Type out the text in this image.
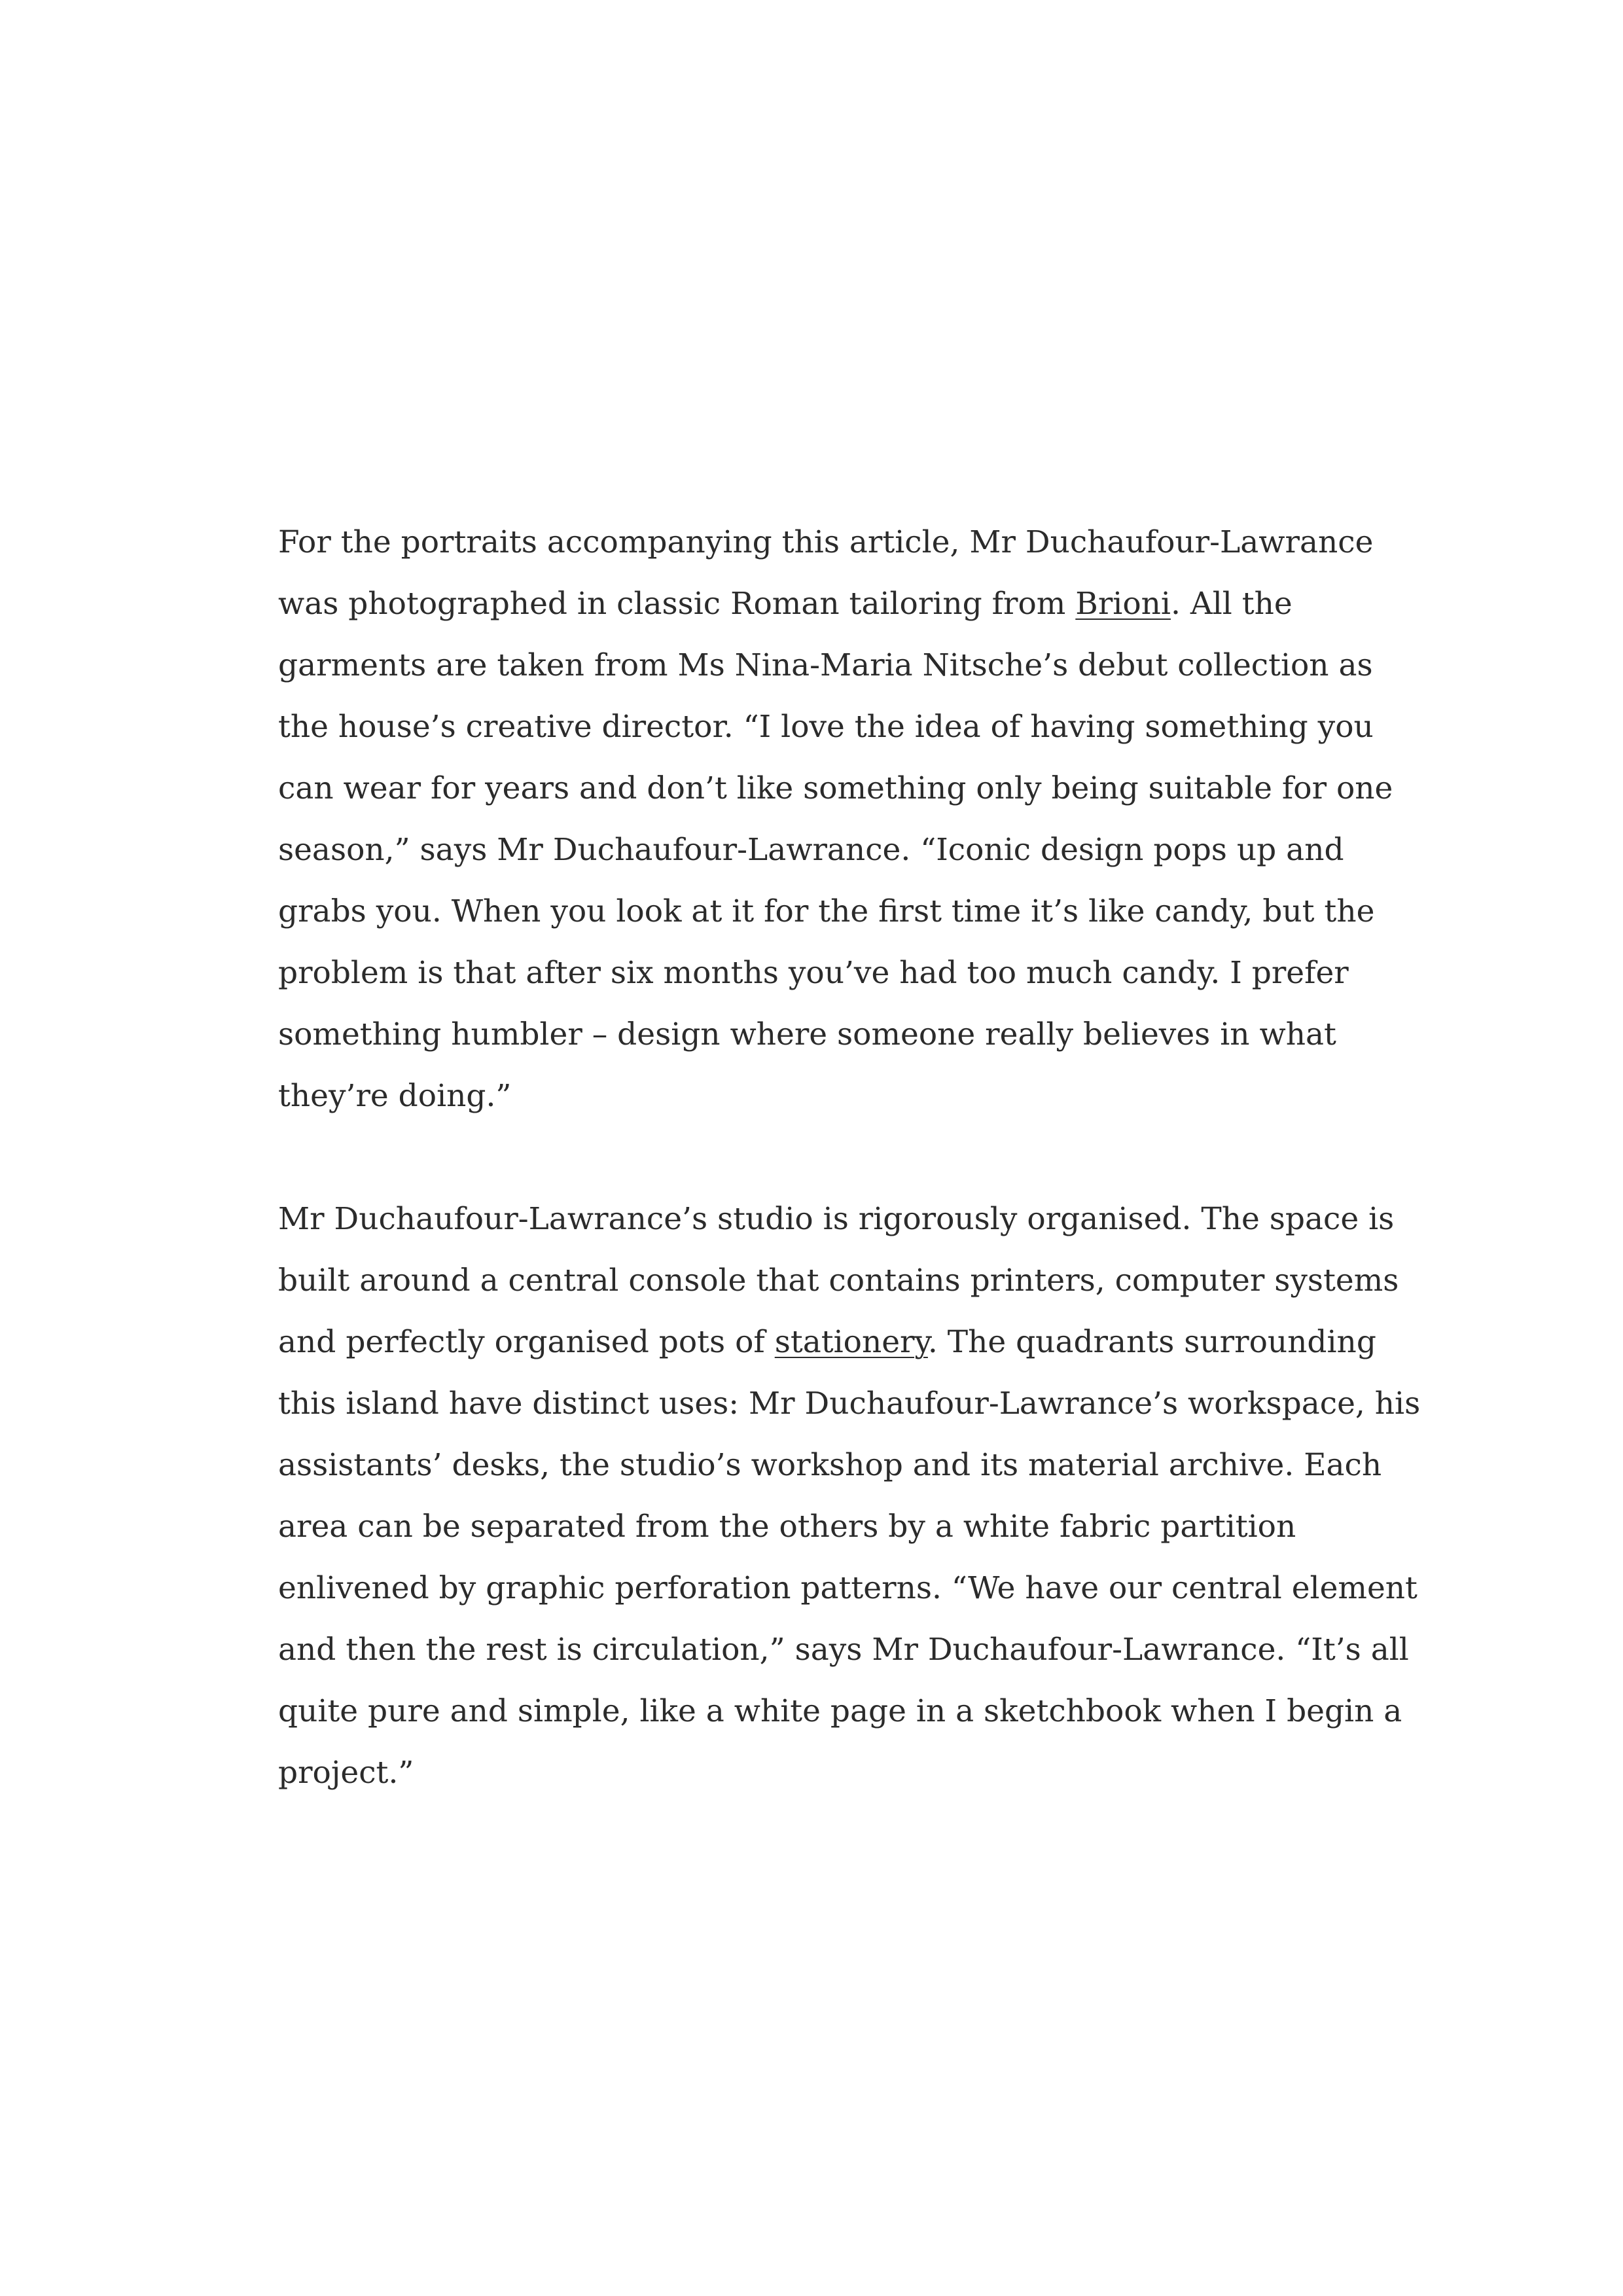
For the portraits accompanying this article, Mr Duchaufour-Lawrance
was photographed in classic Roman tailoring from Brioni. All the
garments are taken from Ms Nina-Maria Nitsche’s debut collection as
the house’s creative director. “I love the idea of having something you
can wear for years and don’t like something only being suitable for one
season,” says Mr Duchaufour-Lawrance. “Iconic design pops up and
grabs you. When you look at it for the first time it’s like candy, but the
problem is that after six months you’ve had too much candy. I prefer
something humbler – design where someone really believes in what
they’re doing.”

Mr Duchaufour-Lawrance’s studio is rigorously organised. The space is
built around a central console that contains printers, computer systems
and perfectly organised pots of stationery. The quadrants surrounding
this island have distinct uses: Mr Duchaufour-Lawrance’s workspace, his
assistants’ desks, the studio’s workshop and its material archive. Each
area can be separated from the others by a white fabric partition
enlivened by graphic perforation patterns. “We have our central element
and then the rest is circulation,” says Mr Duchaufour-Lawrance. “It’s all
quite pure and simple, like a white page in a sketchbook when I begin a
project.”
